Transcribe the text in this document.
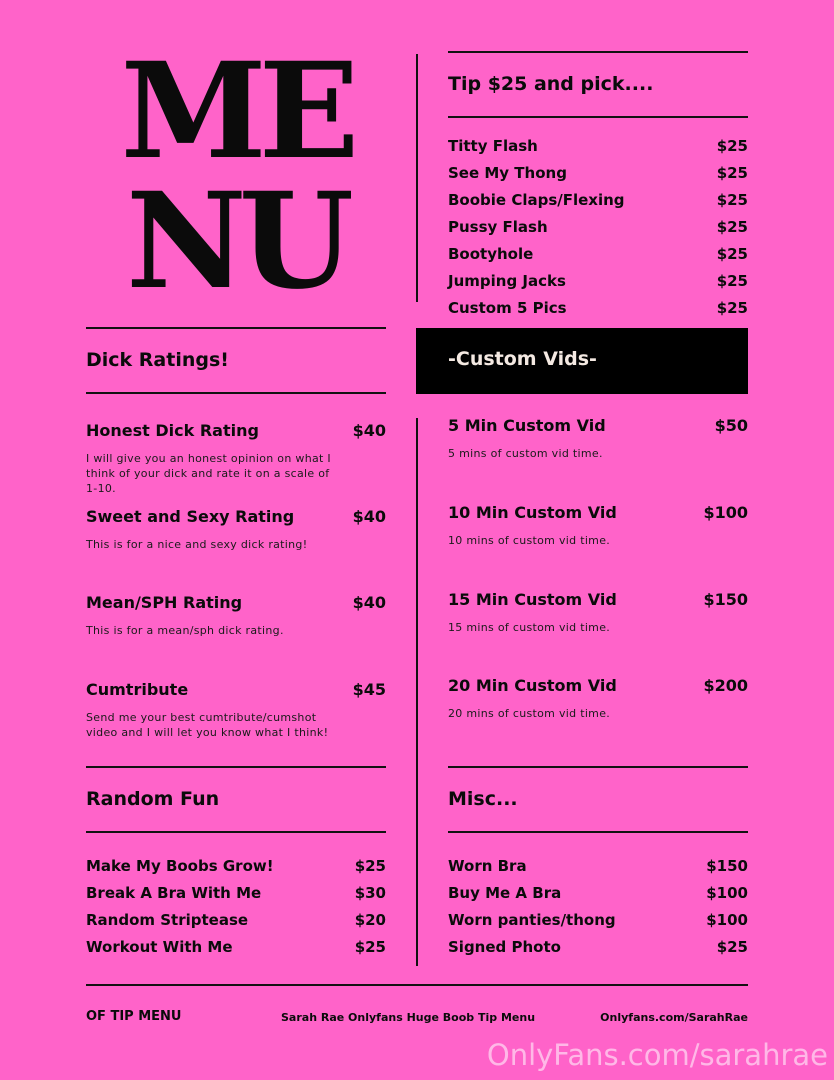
ME
NU
Tip $25 and pick....
Titty Flash	$25
See My Thong	$25
Boobie Claps/Flexing	$25
Pussy Flash	$25
Bootyhole	$25
Jumping Jacks	$25
Custom 5 Pics	$25
Dick Ratings!
Honest Dick Rating	$40
I will give you an honest opinion on what I think of your dick and rate it on a scale of 1-10.
Sweet and Sexy Rating	$40
This is for a nice and sexy dick rating!
Mean/SPH Rating	$40
This is for a mean/sph dick rating.
Cumtribute	$45
Send me your best cumtribute/cumshot video and I will let you know what I think!
-Custom Vids-
5 Min Custom Vid	$50
5 mins of custom vid time.
10 Min Custom Vid	$100
10 mins of custom vid time.
15 Min Custom Vid	$150
15 mins of custom vid time.
20 Min Custom Vid	$200
20 mins of custom vid time.
Random Fun
Make My Boobs Grow!	$25
Break A Bra With Me	$30
Random Striptease	$20
Workout With Me	$25
Misc...
Worn Bra	$150
Buy Me A Bra	$100
Worn panties/thong	$100
Signed Photo	$25
OF TIP MENU	Sarah Rae Onlyfans Huge Boob Tip Menu	Onlyfans.com/SarahRae
OnlyFans.com/sarahrae
